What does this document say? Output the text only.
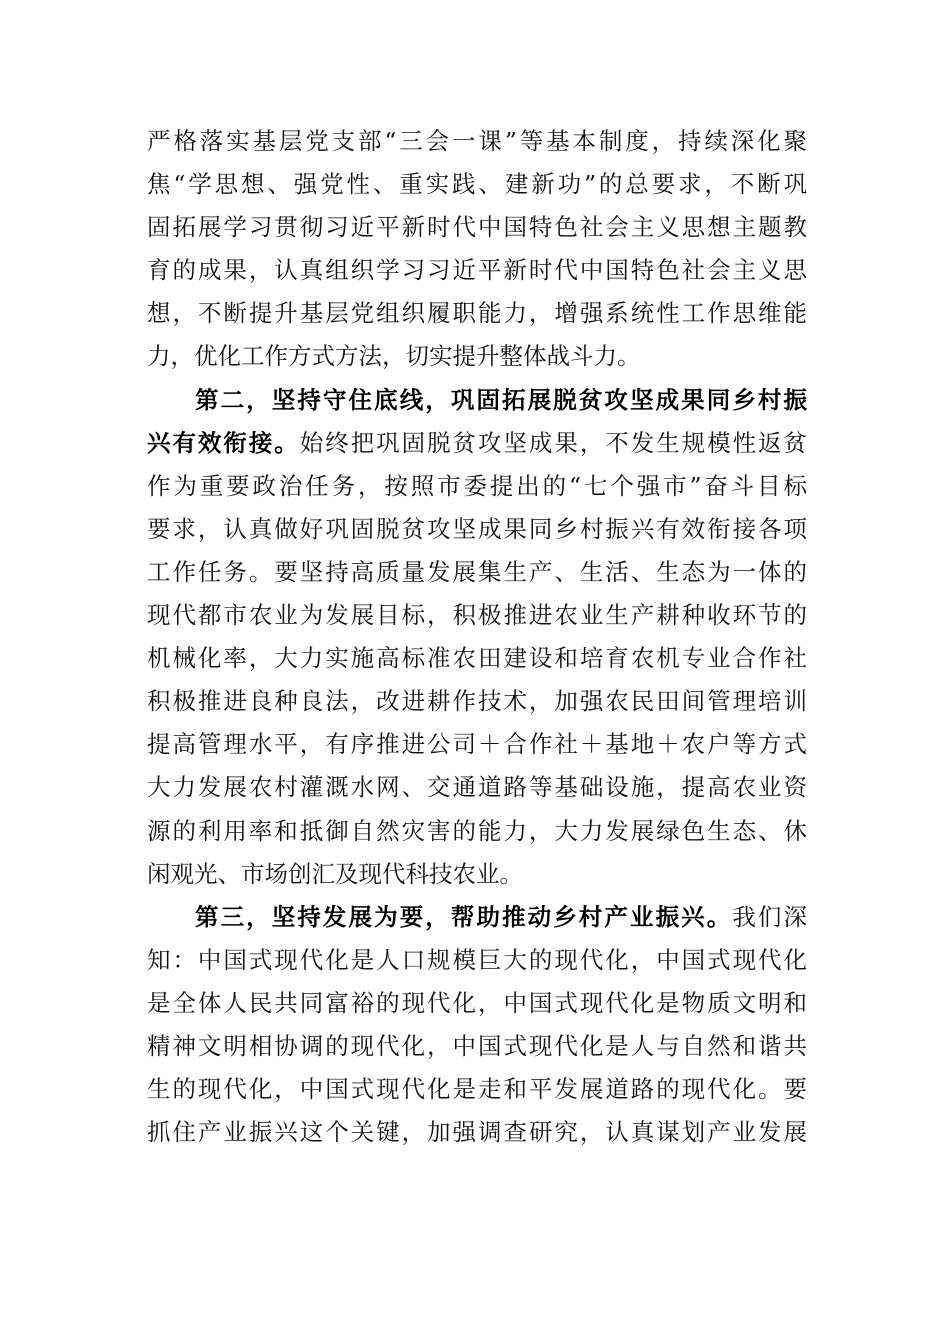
严格落实基层党支部“三会一课”等基本制度，持续深化聚
焦“学思想、强党性、重实践、建新功”的总要求，不断巩
固拓展学习贯彻习近平新时代中国特色社会主义思想主题教
育的成果，认真组织学习习近平新时代中国特色社会主义思
想，不断提升基层党组织履职能力，增强系统性工作思维能
力，优化工作方式方法，切实提升整体战斗力。
第二，坚持守住底线，巩固拓展脱贫攻坚成果同乡村振
兴有效衔接。始终把巩固脱贫攻坚成果，不发生规模性返贫
作为重要政治任务，按照市委提出的“七个强市”奋斗目标
要求，认真做好巩固脱贫攻坚成果同乡村振兴有效衔接各项
工作任务。要坚持高质量发展集生产、生活、生态为一体的
现代都市农业为发展目标，积极推进农业生产耕种收环节的
机械化率，大力实施高标准农田建设和培育农机专业合作社
积极推进良种良法，改进耕作技术，加强农民田间管理培训
提高管理水平，有序推进公司＋合作社＋基地＋农户等方式
大力发展农村灌溉水网、交通道路等基础设施，提高农业资
源的利用率和抵御自然灾害的能力，大力发展绿色生态、休
闲观光、市场创汇及现代科技农业。
第三，坚持发展为要，帮助推动乡村产业振兴。我们深
知：中国式现代化是人口规模巨大的现代化，中国式现代化
是全体人民共同富裕的现代化，中国式现代化是物质文明和
精神文明相协调的现代化，中国式现代化是人与自然和谐共
生的现代化，中国式现代化是走和平发展道路的现代化。要
抓住产业振兴这个关键，加强调查研究，认真谋划产业发展
